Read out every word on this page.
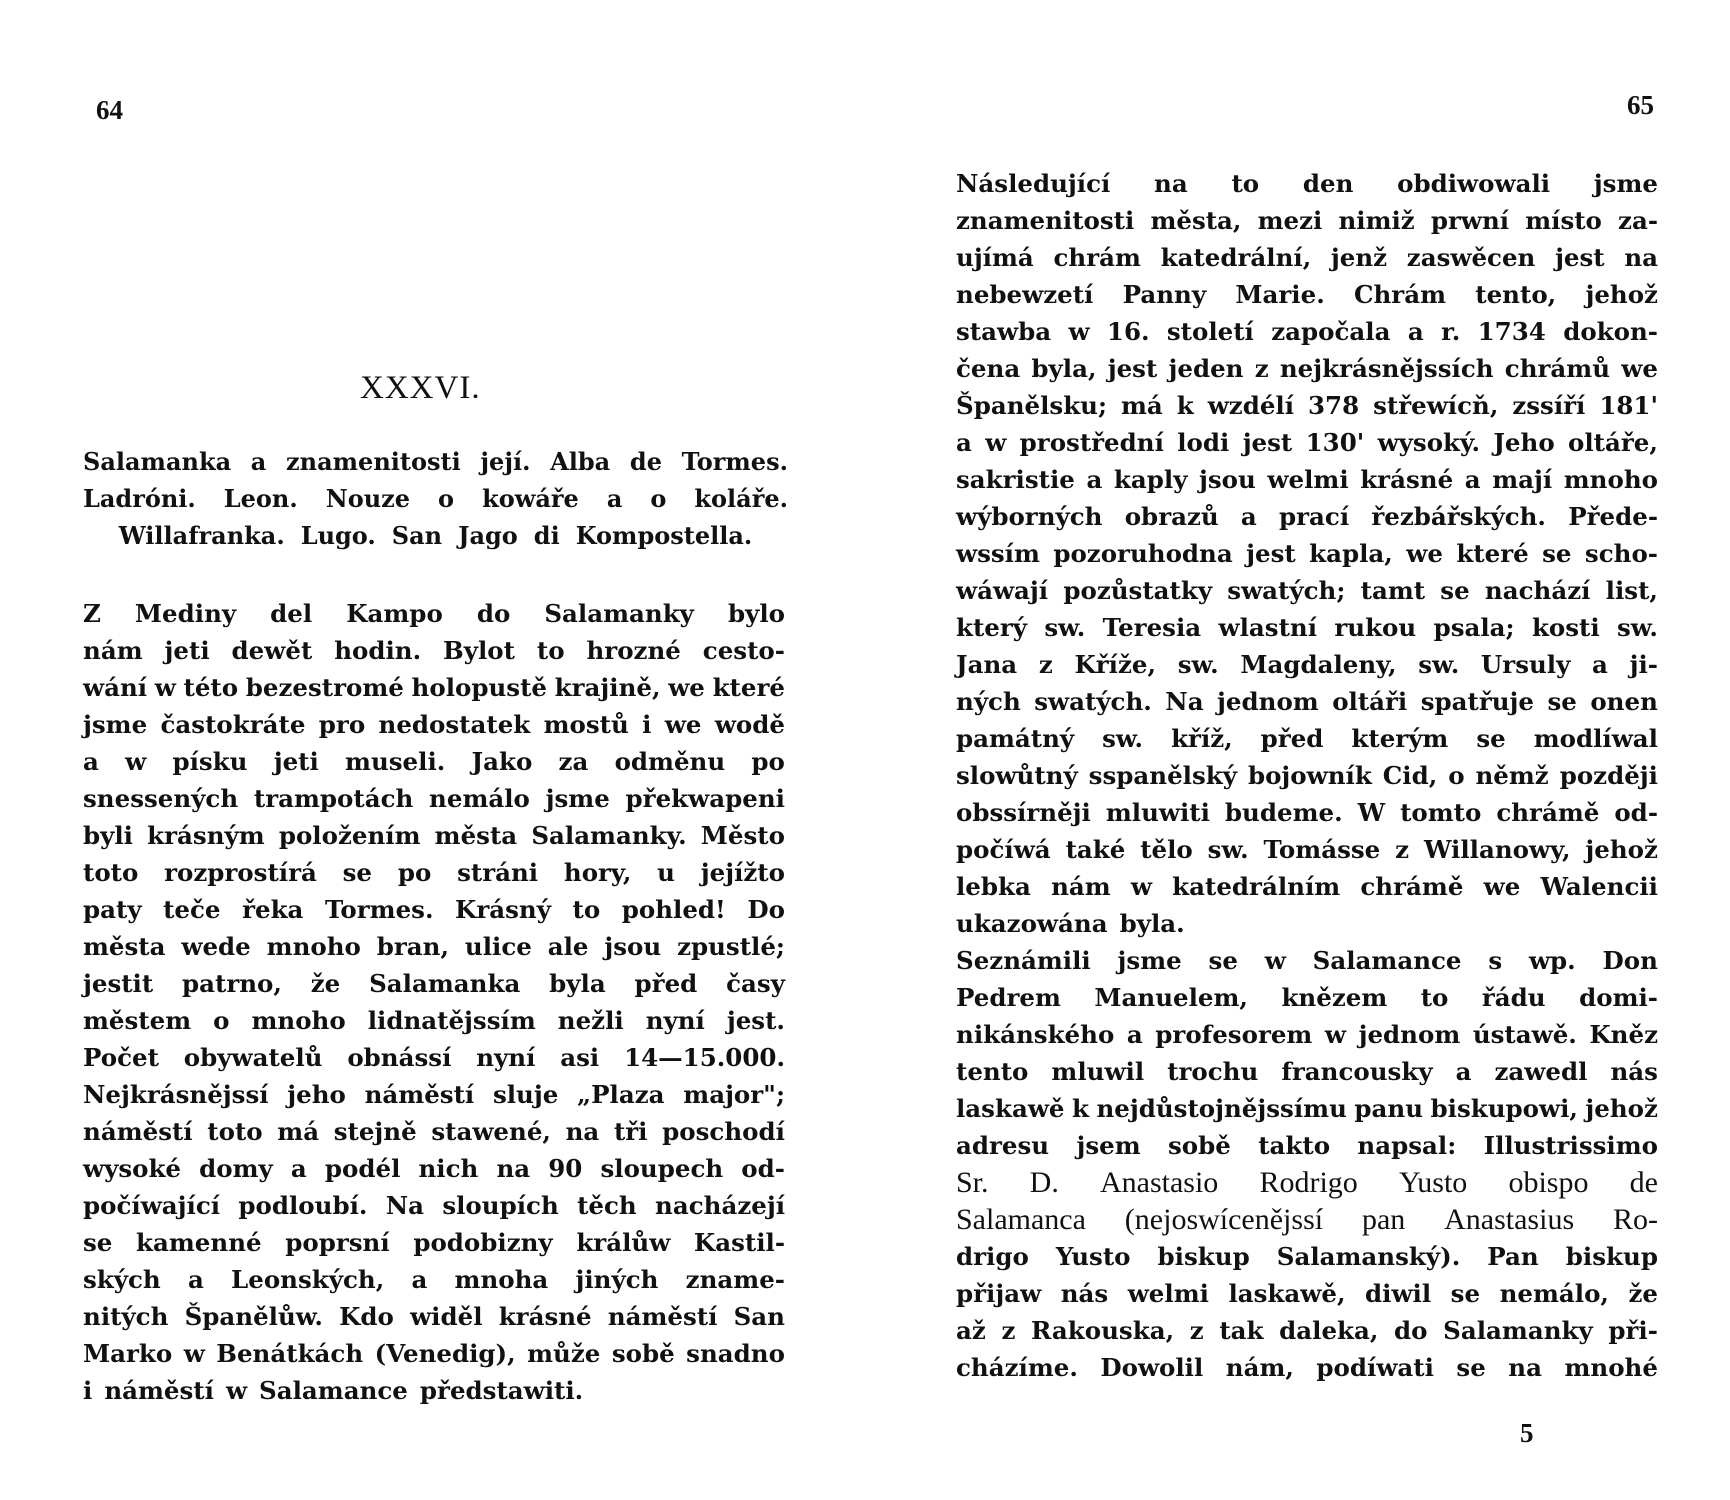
64
XXXVI.
Salamanka a znamenitosti její. Alba de Tormes.
Ladróni. Leon. Nouze o kowáře a o koláře.
Willafranka. Lugo. San Jago di Kompostella.
Z Mediny del Kampo do Salamanky bylo
nám jeti dewět hodin. Bylot to hrozné cesto-
wání w této bezestromé holopustě krajině, we které
jsme častokráte pro nedostatek mostů i we wodě
a w písku jeti museli. Jako za odměnu po
snessených trampotách nemálo jsme překwapeni
byli krásným položením města Salamanky. Město
toto rozprostírá se po stráni hory, u jejížto
paty teče řeka Tormes. Krásný to pohled! Do
města wede mnoho bran, ulice ale jsou zpustlé;
jestit patrno, že Salamanka byla před časy
městem o mnoho lidnatějssím nežli nyní jest.
Počet obywatelů obnássí nyní asi 14—15.000.
Nejkrásnějssí jeho náměstí sluje „Plaza major";
náměstí toto má stejně stawené, na tři poschodí
wysoké domy a podél nich na 90 sloupech od-
počíwající podloubí. Na sloupích těch nacházejí
se kamenné poprsní podobizny králůw Kastil-
ských a Leonských, a mnoha jiných zname-
nitých Španělůw. Kdo widěl krásné náměstí San
Marko w Benátkách (Venedig), může sobě snadno
i náměstí w Salamance předstawiti.
65
Následující na to den obdiwowali jsme
znamenitosti města, mezi nimiž prwní místo za-
ujímá chrám katedrální, jenž zaswěcen jest na
nebewzetí Panny Marie. Chrám tento, jehož
stawba w 16. století započala a r. 1734 dokon-
čena byla, jest jeden z nejkrásnějssích chrámů we
Španělsku; má k wzdélí 378 střewícň, zssíří 181'
a w prostřední lodi jest 130' wysoký. Jeho oltáře,
sakristie a kaply jsou welmi krásné a mají mnoho
wýborných obrazů a prací řezbářských. Přede-
wssím pozoruhodna jest kapla, we které se scho-
wáwají pozůstatky swatých; tamt se nachází list,
který sw. Teresia wlastní rukou psala; kosti sw.
Jana z Kříže, sw. Magdaleny, sw. Ursuly a ji-
ných swatých. Na jednom oltáři spatřuje se onen
památný sw. kříž, před kterým se modlíwal
slowůtný sspanělský bojowník Cid, o němž později
obssírněji mluwiti budeme. W tomto chrámě od-
počíwá také tělo sw. Tomásse z Willanowy, jehož
lebka nám w katedrálním chrámě we Walencii
ukazowána byla.
Seznámili jsme se w Salamance s wp. Don
Pedrem Manuelem, knězem to řádu domi-
nikánského a profesorem w jednom ústawě. Kněz
tento mluwil trochu francousky a zawedl nás
laskawě k nejdůstojnějssímu panu biskupowi, jehož
adresu jsem sobě takto napsal: Illustrissimo
Sr. D. Anastasio Rodrigo Yusto obispo de
Salamanca (nejoswícenějssí pan Anastasius Ro-
drigo Yusto biskup Salamanský). Pan biskup
přijaw nás welmi laskawě, diwil se nemálo, že
až z Rakouska, z tak daleka, do Salamanky při-
cházíme. Dowolil nám, podíwati se na mnohé
5
